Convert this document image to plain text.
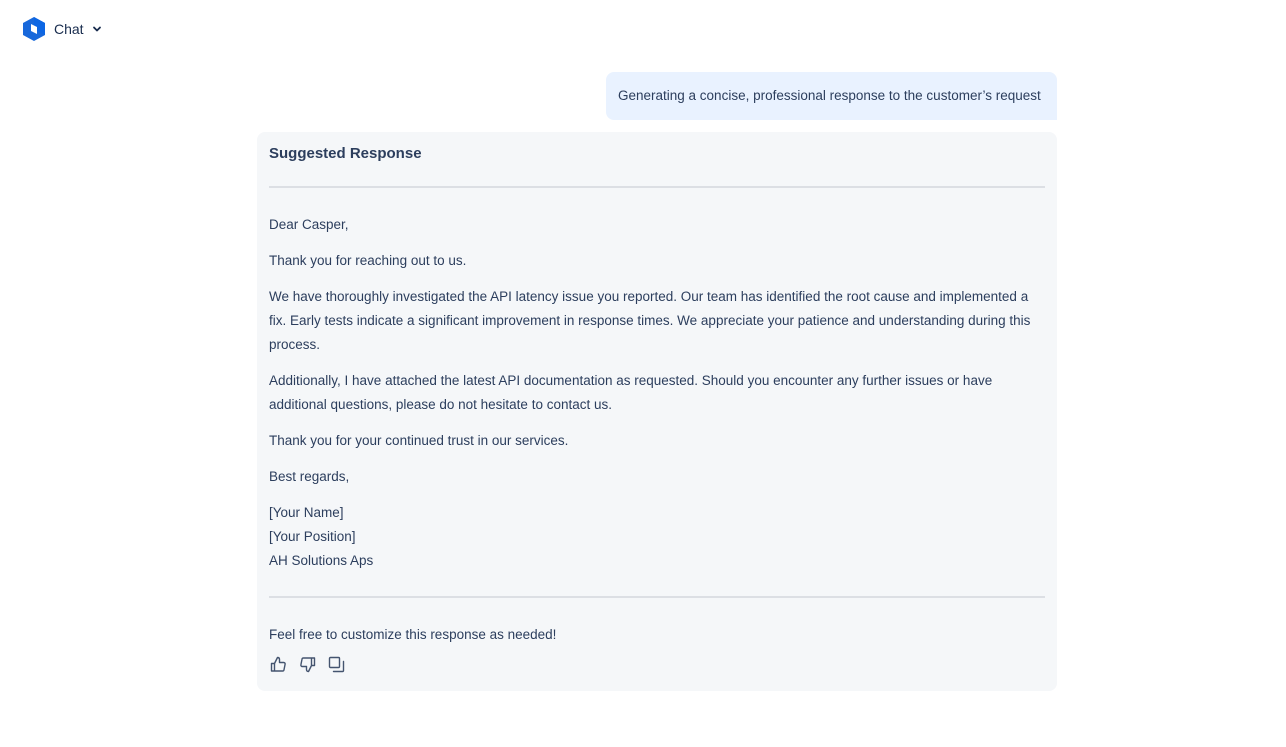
Chat
Generating a concise, professional response to the customer’s request
Suggested Response
Dear Casper,
Thank you for reaching out to us.
We have thoroughly investigated the API latency issue you reported. Our team has identified the root cause and implemented a fix. Early tests indicate a significant improvement in response times. We appreciate your patience and understanding during this process.
Additionally, I have attached the latest API documentation as requested. Should you encounter any further issues or have additional questions, please do not hesitate to contact us.
Thank you for your continued trust in our services.
Best regards,
[Your Name]
[Your Position]
AH Solutions Aps
Feel free to customize this response as needed!
